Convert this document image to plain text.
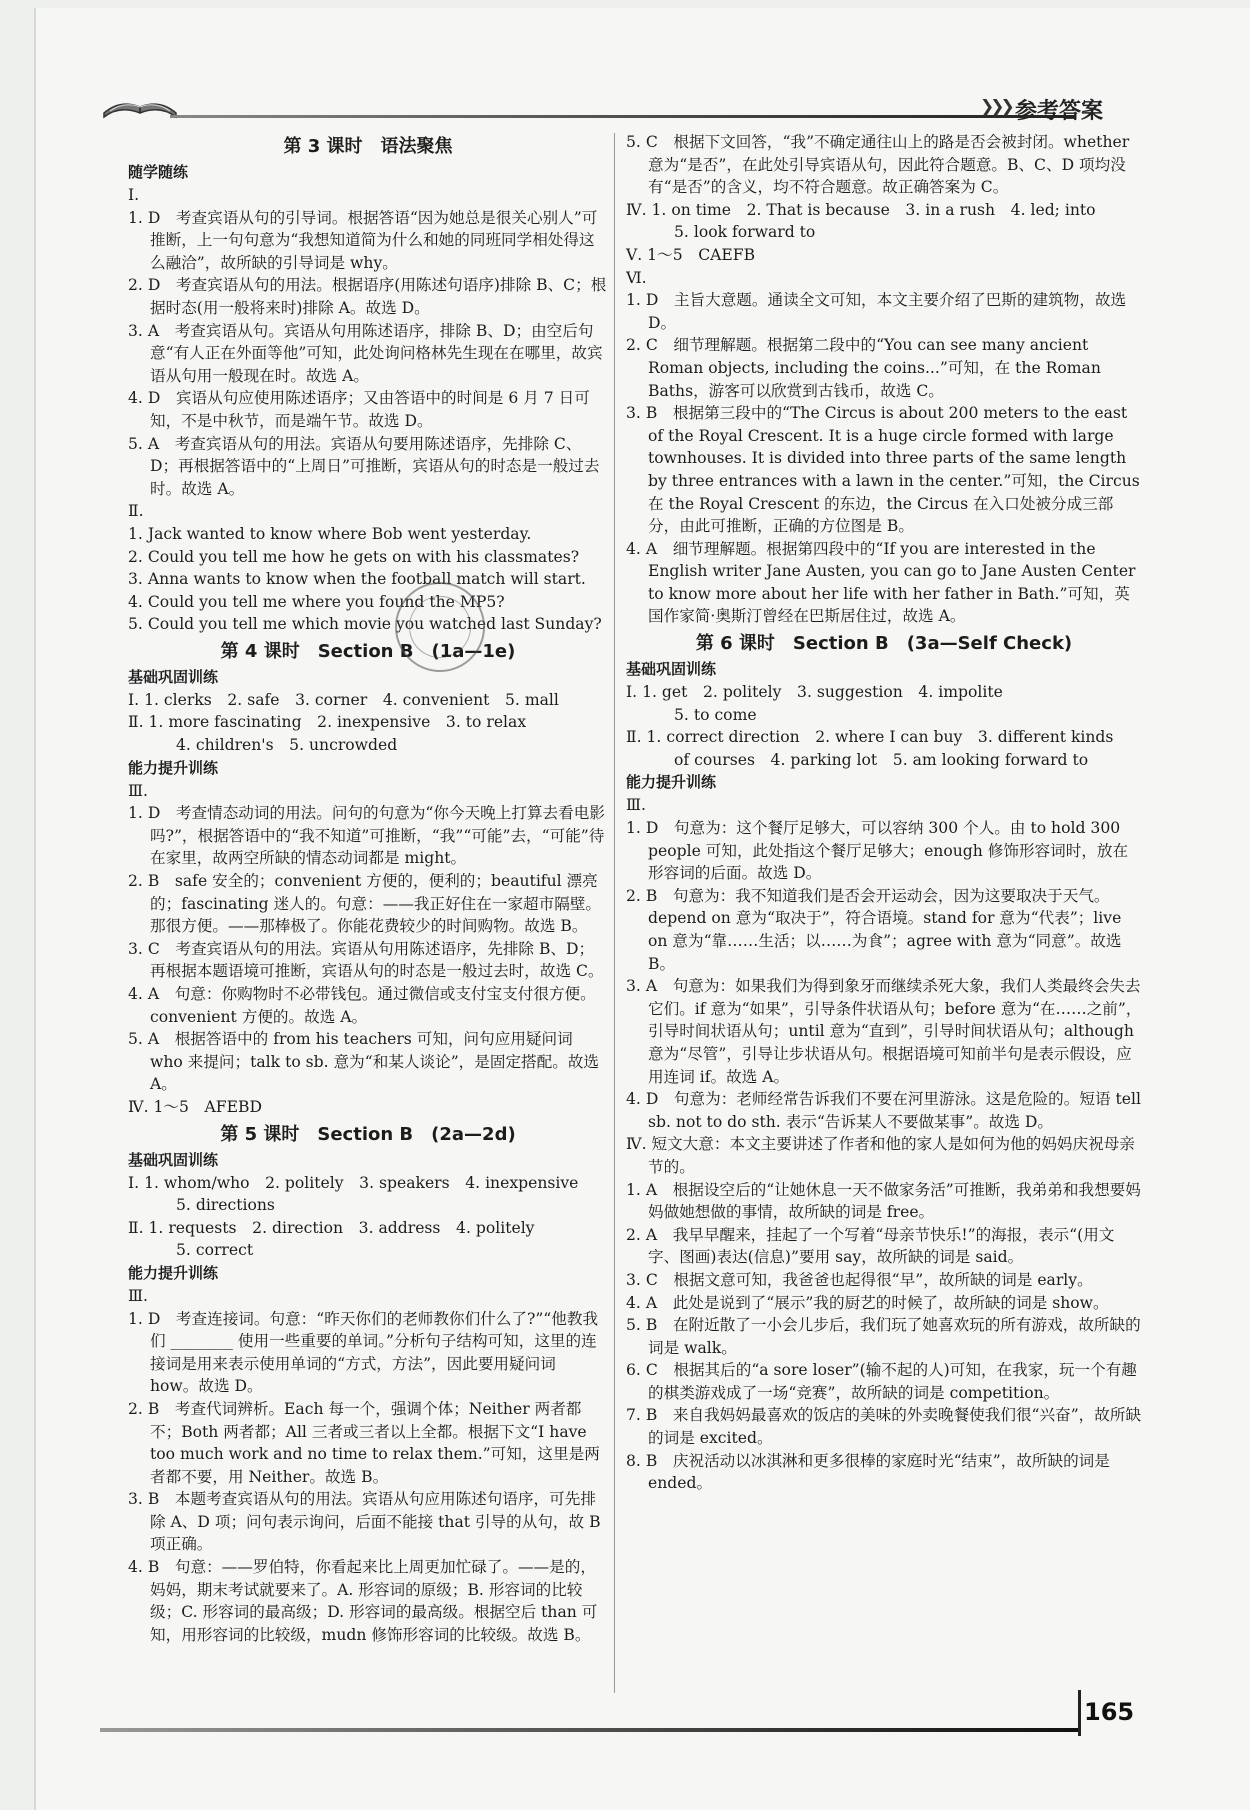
❯❯❯ 参考答案
第 3 课时　语法聚焦
随学随练
Ⅰ.
1. D　考查宾语从句的引导词。根据答语“因为她总是很关心别人”可推断，上一句句意为“我想知道简为什么和她的同班同学相处得这么融洽”，故所缺的引导词是 why。
2. D　考查宾语从句的用法。根据语序(用陈述句语序)排除 B、C；根据时态(用一般将来时)排除 A。故选 D。
3. A　考查宾语从句。宾语从句用陈述语序，排除 B、D；由空后句意“有人正在外面等他”可知，此处询问格林先生现在在哪里，故宾语从句用一般现在时。故选 A。
4. D　宾语从句应使用陈述语序；又由答语中的时间是 6 月 7 日可知，不是中秋节，而是端午节。故选 D。
5. A　考查宾语从句的用法。宾语从句要用陈述语序，先排除 C、D；再根据答语中的“上周日”可推断，宾语从句的时态是一般过去时。故选 A。
Ⅱ.
1. Jack wanted to know where Bob went yesterday.
2. Could you tell me how he gets on with his classmates?
3. Anna wants to know when the football match will start.
4. Could you tell me where you found the MP5?
5. Could you tell me which movie you watched last Sunday?
第 4 课时　Section B　(1a—1e)
基础巩固训练
Ⅰ. 1. clerks　2. safe　3. corner　4. convenient　5. mall
Ⅱ. 1. more fascinating　2. inexpensive　3. to relax
4. children's　5. uncrowded
能力提升训练
Ⅲ.
1. D　考查情态动词的用法。问句的句意为“你今天晚上打算去看电影吗?”，根据答语中的“我不知道”可推断，“我”“可能”去，“可能”待在家里，故两空所缺的情态动词都是 might。
2. B　safe 安全的；convenient 方便的，便利的；beautiful 漂亮的；fascinating 迷人的。句意：——我正好住在一家超市隔壁。那很方便。——那棒极了。你能花费较少的时间购物。故选 B。
3. C　考查宾语从句的用法。宾语从句用陈述语序，先排除 B、D；再根据本题语境可推断，宾语从句的时态是一般过去时，故选 C。
4. A　句意：你购物时不必带钱包。通过微信或支付宝支付很方便。convenient 方便的。故选 A。
5. A　根据答语中的 from his teachers 可知，问句应用疑问词 who 来提问；talk to sb. 意为“和某人谈论”，是固定搭配。故选 A。
Ⅳ. 1～5　AFEBD
第 5 课时　Section B　(2a—2d)
基础巩固训练
Ⅰ. 1. whom/who　2. politely　3. speakers　4. inexpensive
5. directions
Ⅱ. 1. requests　2. direction　3. address　4. politely
5. correct
能力提升训练
Ⅲ.
1. D　考查连接词。句意：“昨天你们的老师教你们什么了?”“他教我们 ________ 使用一些重要的单词。”分析句子结构可知，这里的连接词是用来表示使用单词的“方式，方法”，因此要用疑问词 how。故选 D。
2. B　考查代词辨析。Each 每一个，强调个体；Neither 两者都不；Both 两者都；All 三者或三者以上全都。根据下文“I have too much work and no time to relax them.”可知，这里是两者都不要，用 Neither。故选 B。
3. B　本题考查宾语从句的用法。宾语从句应用陈述句语序，可先排除 A、D 项；问句表示询问，后面不能接 that 引导的从句，故 B 项正确。
4. B　句意：——罗伯特，你看起来比上周更加忙碌了。——是的，妈妈，期末考试就要来了。A. 形容词的原级；B. 形容词的比较级；C. 形容词的最高级；D. 形容词的最高级。根据空后 than 可知，用形容词的比较级，mudn 修饰形容词的比较级。故选 B。
5. C　根据下文回答，“我”不确定通往山上的路是否会被封闭。whether 意为“是否”，在此处引导宾语从句，因此符合题意。B、C、D 项均没有“是否”的含义，均不符合题意。故正确答案为 C。
Ⅳ. 1. on time　2. That is because　3. in a rush　4. led; into
5. look forward to
Ⅴ. 1～5　CAEFB
Ⅵ.
1. D　主旨大意题。通读全文可知，本文主要介绍了巴斯的建筑物，故选 D。
2. C　细节理解题。根据第二段中的“You can see many ancient Roman objects, including the coins...”可知，在 the Roman Baths，游客可以欣赏到古钱币，故选 C。
3. B　根据第三段中的“The Circus is about 200 meters to the east of the Royal Crescent. It is a huge circle formed with large townhouses. It is divided into three parts of the same length by three entrances with a lawn in the center.”可知，the Circus 在 the Royal Crescent 的东边，the Circus 在入口处被分成三部分，由此可推断，正确的方位图是 B。
4. A　细节理解题。根据第四段中的“If you are interested in the English writer Jane Austen, you can go to Jane Austen Center to know more about her life with her father in Bath.”可知，英国作家简·奥斯汀曾经在巴斯居住过，故选 A。
第 6 课时　Section B　(3a—Self Check)
基础巩固训练
Ⅰ. 1. get　2. politely　3. suggestion　4. impolite
5. to come
Ⅱ. 1. correct direction　2. where I can buy　3. different kinds
of courses　4. parking lot　5. am looking forward to
能力提升训练
Ⅲ.
1. D　句意为：这个餐厅足够大，可以容纳 300 个人。由 to hold 300 people 可知，此处指这个餐厅足够大；enough 修饰形容词时，放在形容词的后面。故选 D。
2. B　句意为：我不知道我们是否会开运动会，因为这要取决于天气。depend on 意为“取决于”，符合语境。stand for 意为“代表”；live on 意为“靠……生活；以……为食”；agree with 意为“同意”。故选 B。
3. A　句意为：如果我们为得到象牙而继续杀死大象，我们人类最终会失去它们。if 意为“如果”，引导条件状语从句；before 意为“在……之前”，引导时间状语从句；until 意为“直到”，引导时间状语从句；although 意为“尽管”，引导让步状语从句。根据语境可知前半句是表示假设，应用连词 if。故选 A。
4. D　句意为：老师经常告诉我们不要在河里游泳。这是危险的。短语 tell sb. not to do sth. 表示“告诉某人不要做某事”。故选 D。
Ⅳ. 短文大意：本文主要讲述了作者和他的家人是如何为他的妈妈庆祝母亲节的。
1. A　根据设空后的“让她休息一天不做家务活”可推断，我弟弟和我想要妈妈做她想做的事情，故所缺的词是 free。
2. A　我早早醒来，挂起了一个写着“母亲节快乐!”的海报，表示“(用文字、图画)表达(信息)”要用 say，故所缺的词是 said。
3. C　根据文意可知，我爸爸也起得很“早”，故所缺的词是 early。
4. A　此处是说到了“展示”我的厨艺的时候了，故所缺的词是 show。
5. B　在附近散了一小会儿步后，我们玩了她喜欢玩的所有游戏，故所缺的词是 walk。
6. C　根据其后的“a sore loser”(输不起的人)可知，在我家，玩一个有趣的棋类游戏成了一场“竞赛”，故所缺的词是 competition。
7. B　来自我妈妈最喜欢的饭店的美味的外卖晚餐使我们很“兴奋”，故所缺的词是 excited。
8. B　庆祝活动以冰淇淋和更多很棒的家庭时光“结束”，故所缺的词是 ended。
165
